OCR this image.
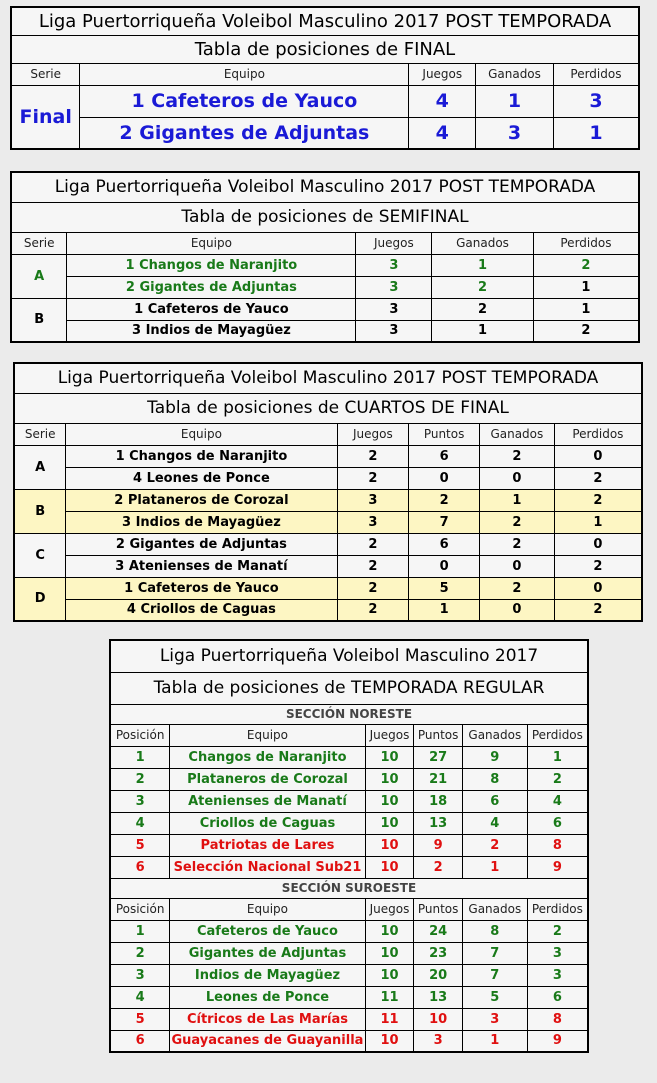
Liga Puertorriqueña Voleibol Masculino 2017 POST TEMPORADA				
Tabla de posiciones de FINAL				
Serie	Equipo	Juegos	Ganados	Perdidos
Final	1 Cafeteros de Yauco	4	1	3
	2 Gigantes de Adjuntas	4	3	1
Liga Puertorriqueña Voleibol Masculino 2017 POST TEMPORADA				
Tabla de posiciones de SEMIFINAL				
Serie	Equipo	Juegos	Ganados	Perdidos
A	1 Changos de Naranjito	3	1	2
	2 Gigantes de Adjuntas	3	2	1
B	1 Cafeteros de Yauco	3	2	1
	3 Indios de Mayagüez	3	1	2
Liga Puertorriqueña Voleibol Masculino 2017 POST TEMPORADA					
Tabla de posiciones de CUARTOS DE FINAL					
Serie	Equipo	Juegos	Puntos	Ganados	Perdidos
A	1 Changos de Naranjito	2	6	2	0
	4 Leones de Ponce	2	0	0	2
B	2 Plataneros de Corozal	3	2	1	2
	3 Indios de Mayagüez	3	7	2	1
C	2 Gigantes de Adjuntas	2	6	2	0
	3 Atenienses de Manatí	2	0	0	2
D	1 Cafeteros de Yauco	2	5	2	0
	4 Criollos de Caguas	2	1	0	2
Liga Puertorriqueña Voleibol Masculino 2017					
Tabla de posiciones de TEMPORADA REGULAR					
SECCIÓN NORESTE					
Posición	Equipo	Juegos	Puntos	Ganados	Perdidos
1	Changos de Naranjito	10	27	9	1
2	Plataneros de Corozal	10	21	8	2
3	Atenienses de Manatí	10	18	6	4
4	Criollos de Caguas	10	13	4	6
5	Patriotas de Lares	10	9	2	8
6	Selección Nacional Sub21	10	2	1	9
SECCIÓN SUROESTE					
Posición	Equipo	Juegos	Puntos	Ganados	Perdidos
1	Cafeteros de Yauco	10	24	8	2
2	Gigantes de Adjuntas	10	23	7	3
3	Indios de Mayagüez	10	20	7	3
4	Leones de Ponce	11	13	5	6
5	Cítricos de Las Marías	11	10	3	8
6	Guayacanes de Guayanilla	10	3	1	9
